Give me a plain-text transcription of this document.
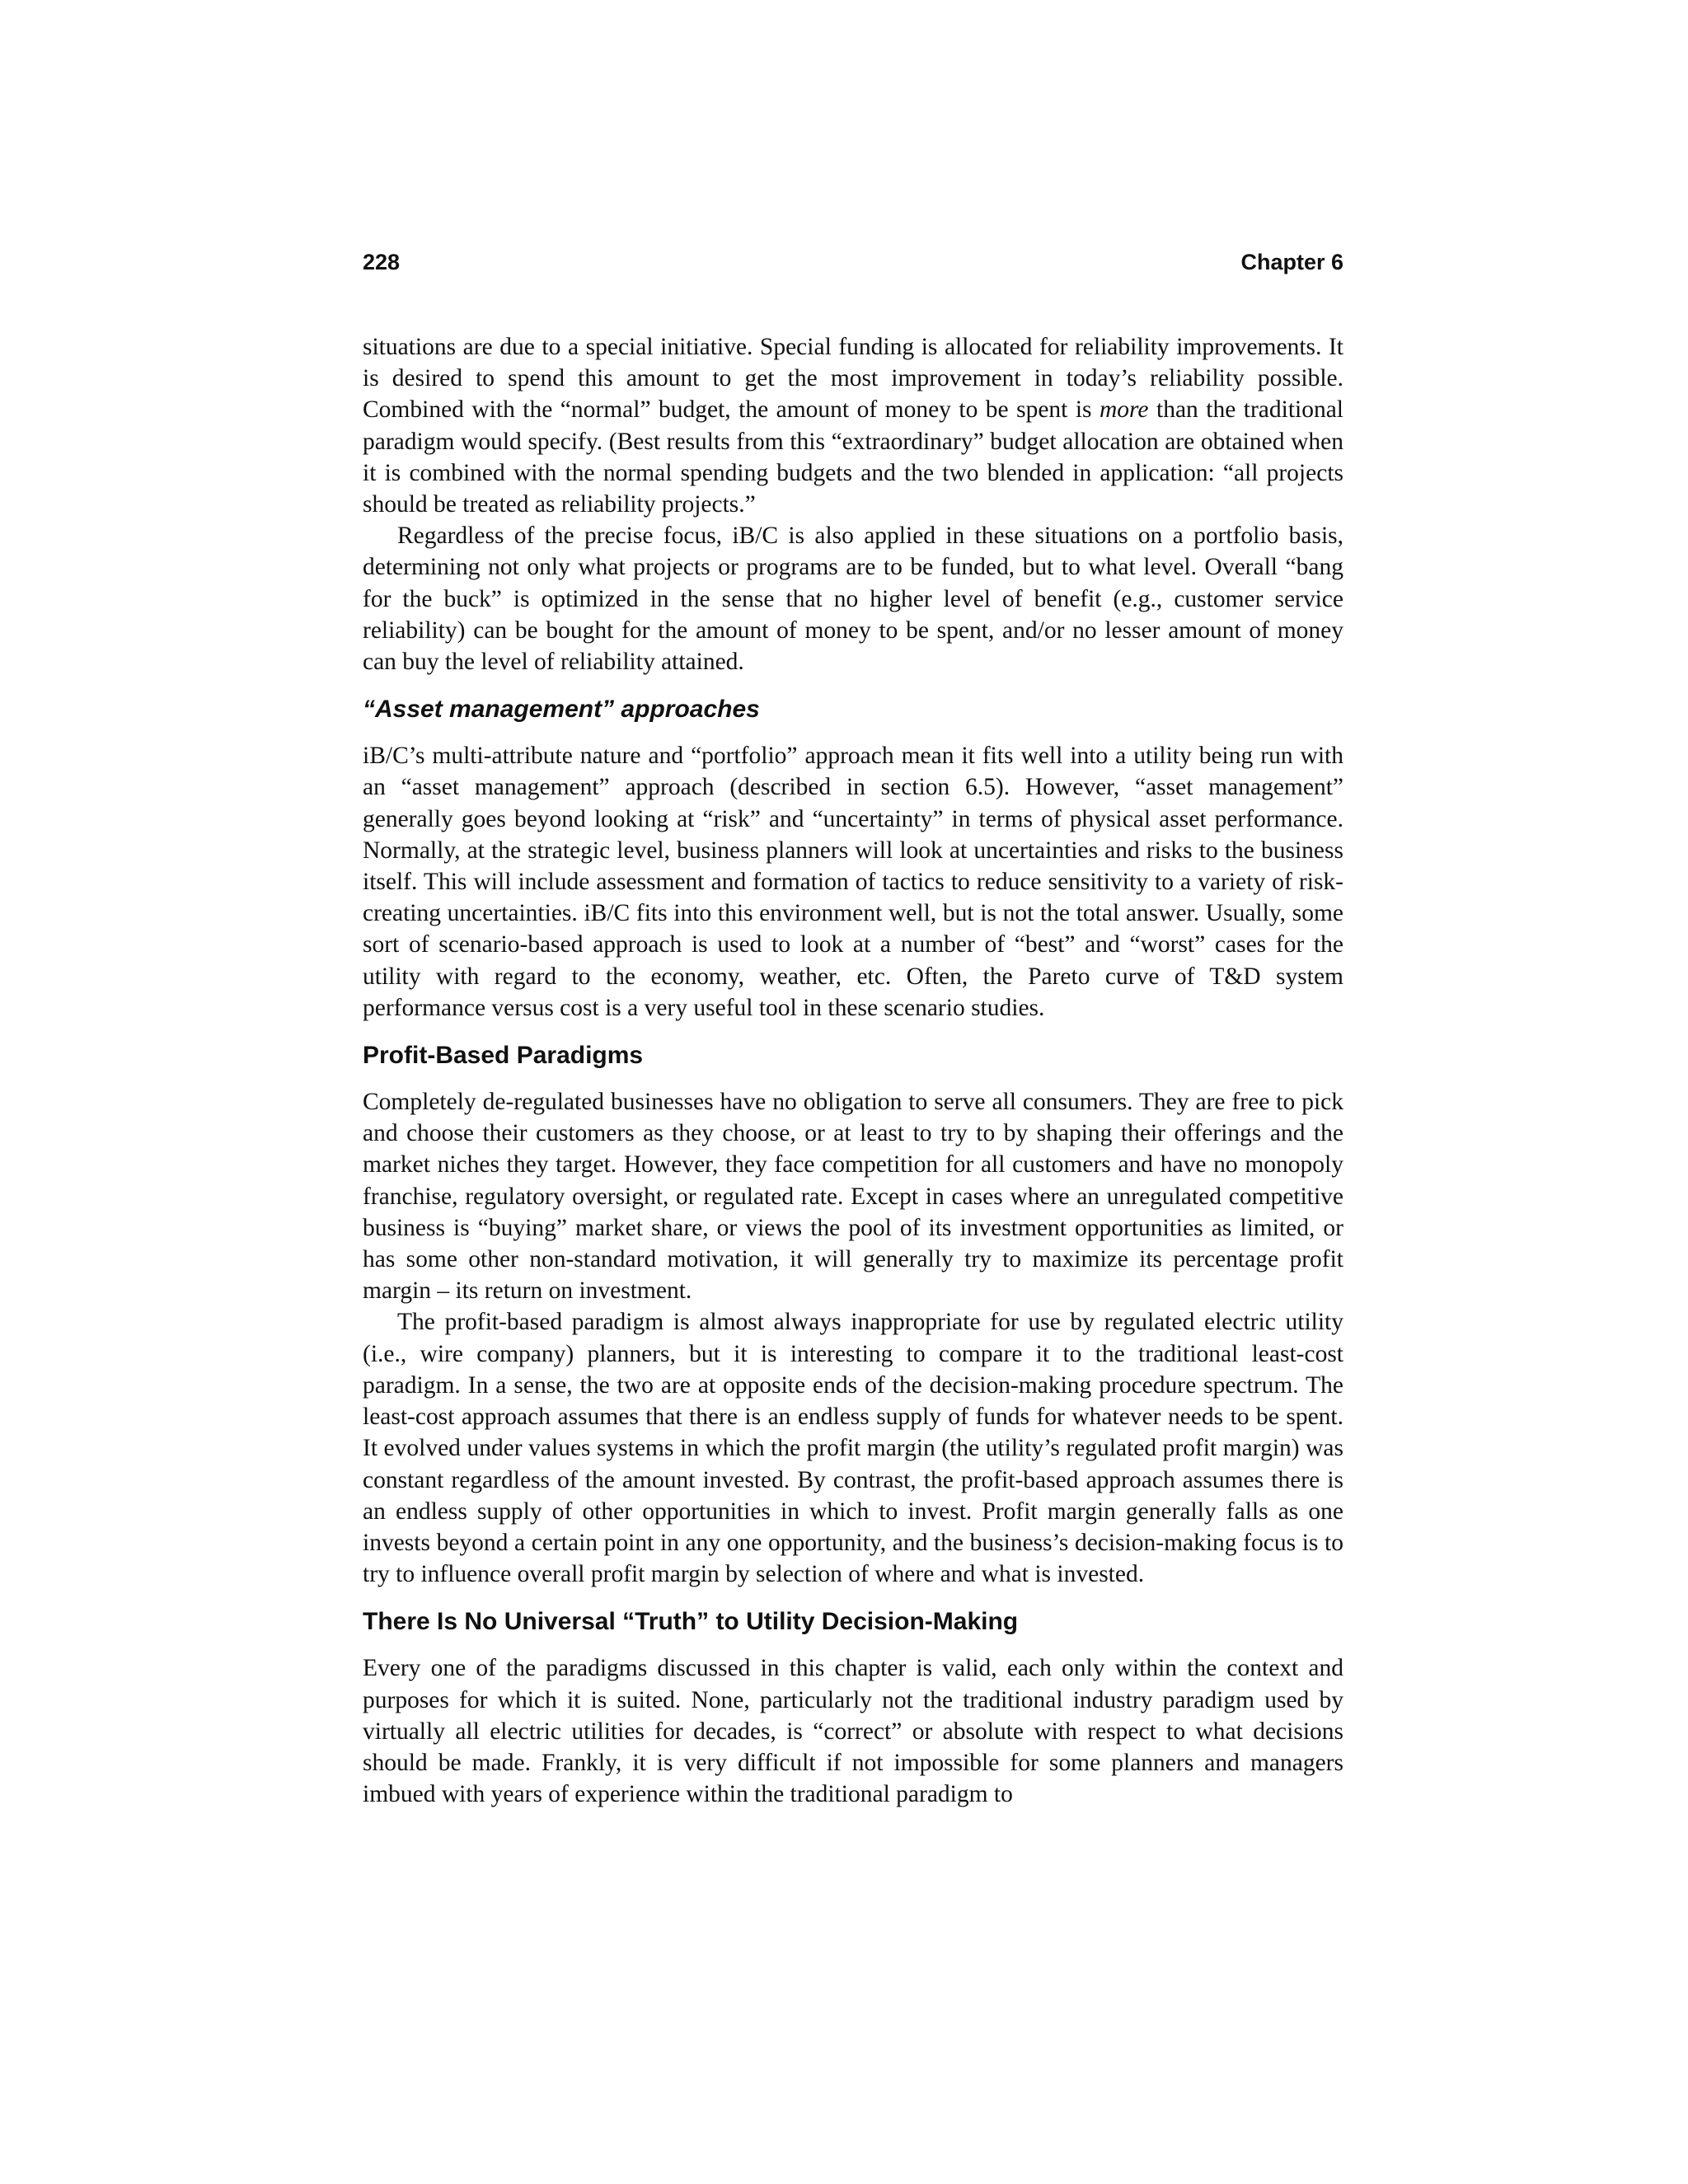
228	Chapter 6

situations are due to a special initiative. Special funding is allocated for reliability improvements. It is desired to spend this amount to get the most improvement in today’s reliability possible. Combined with the “normal” budget, the amount of money to be spent is more than the traditional paradigm would specify. (Best results from this “extraordinary” budget allocation are obtained when it is combined with the normal spending budgets and the two blended in application: “all projects should be treated as reliability projects.”

Regardless of the precise focus, iB/C is also applied in these situations on a portfolio basis, determining not only what projects or programs are to be funded, but to what level. Overall “bang for the buck” is optimized in the sense that no higher level of benefit (e.g., customer service reliability) can be bought for the amount of money to be spent, and/or no lesser amount of money can buy the level of reliability attained.

“Asset management” approaches

iB/C’s multi-attribute nature and “portfolio” approach mean it fits well into a utility being run with an “asset management” approach (described in section 6.5). However, “asset management” generally goes beyond looking at “risk” and “uncertainty” in terms of physical asset performance. Normally, at the strategic level, business planners will look at uncertainties and risks to the business itself. This will include assessment and formation of tactics to reduce sensitivity to a variety of risk-creating uncertainties. iB/C fits into this environment well, but is not the total answer. Usually, some sort of scenario-based approach is used to look at a number of “best” and “worst” cases for the utility with regard to the economy, weather, etc. Often, the Pareto curve of T&D system performance versus cost is a very useful tool in these scenario studies.

Profit-Based Paradigms

Completely de-regulated businesses have no obligation to serve all consumers. They are free to pick and choose their customers as they choose, or at least to try to by shaping their offerings and the market niches they target. However, they face competition for all customers and have no monopoly franchise, regulatory oversight, or regulated rate. Except in cases where an unregulated competitive business is “buying” market share, or views the pool of its investment opportunities as limited, or has some other non-standard motivation, it will generally try to maximize its percentage profit margin – its return on investment.

The profit-based paradigm is almost always inappropriate for use by regulated electric utility (i.e., wire company) planners, but it is interesting to compare it to the traditional least-cost paradigm. In a sense, the two are at opposite ends of the decision-making procedure spectrum. The least-cost approach assumes that there is an endless supply of funds for whatever needs to be spent. It evolved under values systems in which the profit margin (the utility’s regulated profit margin) was constant regardless of the amount invested. By contrast, the profit-based approach assumes there is an endless supply of other opportunities in which to invest. Profit margin generally falls as one invests beyond a certain point in any one opportunity, and the business’s decision-making focus is to try to influence overall profit margin by selection of where and what is invested.

There Is No Universal “Truth” to Utility Decision-Making

Every one of the paradigms discussed in this chapter is valid, each only within the context and purposes for which it is suited. None, particularly not the traditional industry paradigm used by virtually all electric utilities for decades, is “correct” or absolute with respect to what decisions should be made. Frankly, it is very difficult if not impossible for some planners and managers imbued with years of experience within the traditional paradigm to
